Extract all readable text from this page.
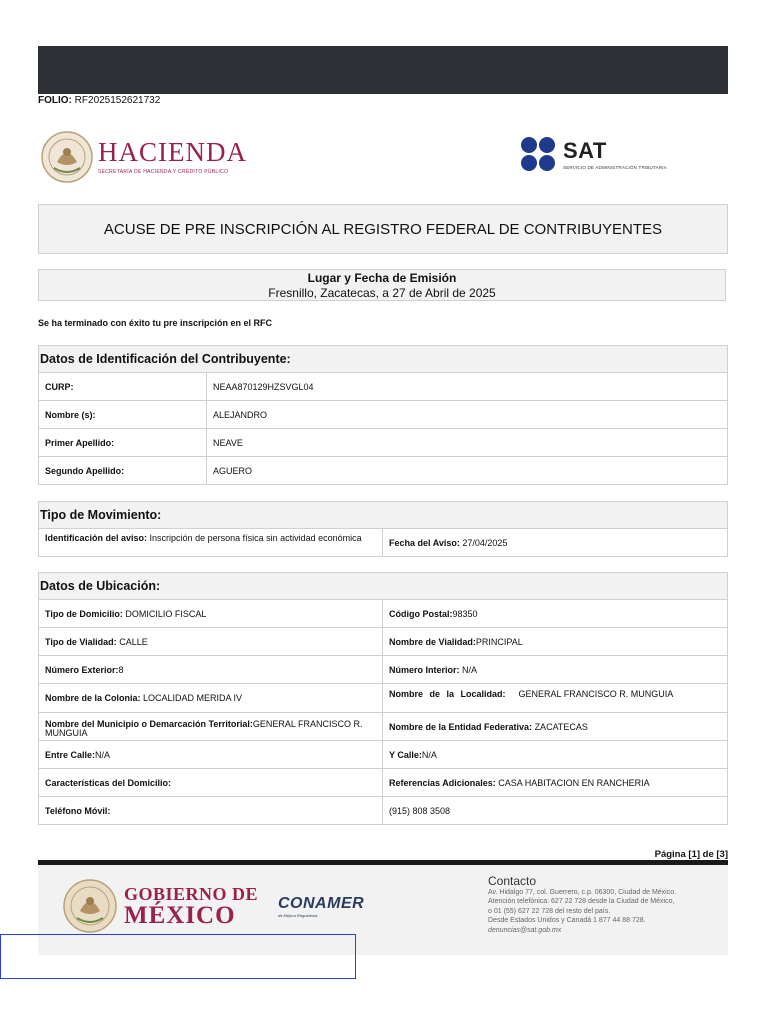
FOLIO: RF2025152621732
HACIENDA
SECRETARÍA DE HACIENDA Y CRÉDITO PÚBLICO
SAT
SERVICIO DE ADMINISTRACIÓN TRIBUTARIA
ACUSE DE PRE INSCRIPCIÓN AL REGISTRO FEDERAL DE CONTRIBUYENTES
Lugar y Fecha de Emisión
Fresnillo, Zacatecas, a 27 de Abril de 2025
Se ha terminado con éxito tu pre inscripción en el RFC
Datos de Identificación del Contribuyente:
CURP:	NEAA870129HZSVGL04
Nombre (s):	ALEJANDRO
Primer Apellido:	NEAVE
Segundo Apellido:	AGUERO
Tipo de Movimiento:
Identificación del aviso: Inscripción de persona física sin actividad económica	Fecha del Aviso:
27/04/2025
Datos de Ubicación:
Tipo de Domicilio:
DOMICILIO FISCAL	Código Postal: 98350
Tipo de Vialidad:
CALLE	Nombre de Vialidad: PRINCIPAL
Número Exterior: 8	Número Interior:
N/A
Nombre de la Colonia:
LOCALIDAD MERIDA IV	Nombre de la Localidad:
GENERAL FRANCISCO R. MUNGUIA
Nombre del Municipio o Demarcación Territorial:GENERAL FRANCISCO R. MUNGUIA
Nombre de la Entidad Federativa:
ZACATECAS
Entre Calle: N/A	Y Calle: N/A
Características del Domicilio:	Referencias Adicionales:
CASA HABITACION EN RANCHERIA
Teléfono Móvil:	(915) 808 3508
Página [1] de [3]
GOBIERNO DE
MÉXICO	CONAMER
de Mejora Regulatoria
Contacto
Av. Hidalgo 77, col. Guerrero, c.p. 06300, Ciudad de México.
Atención telefónica: 627 22 728 desde la Ciudad de México,
o 01 (55) 627 22 728 del resto del país.
Desde Estados Unidos y Canadá 1 877 44 88 728.
denuncias@sat.gob.mx
